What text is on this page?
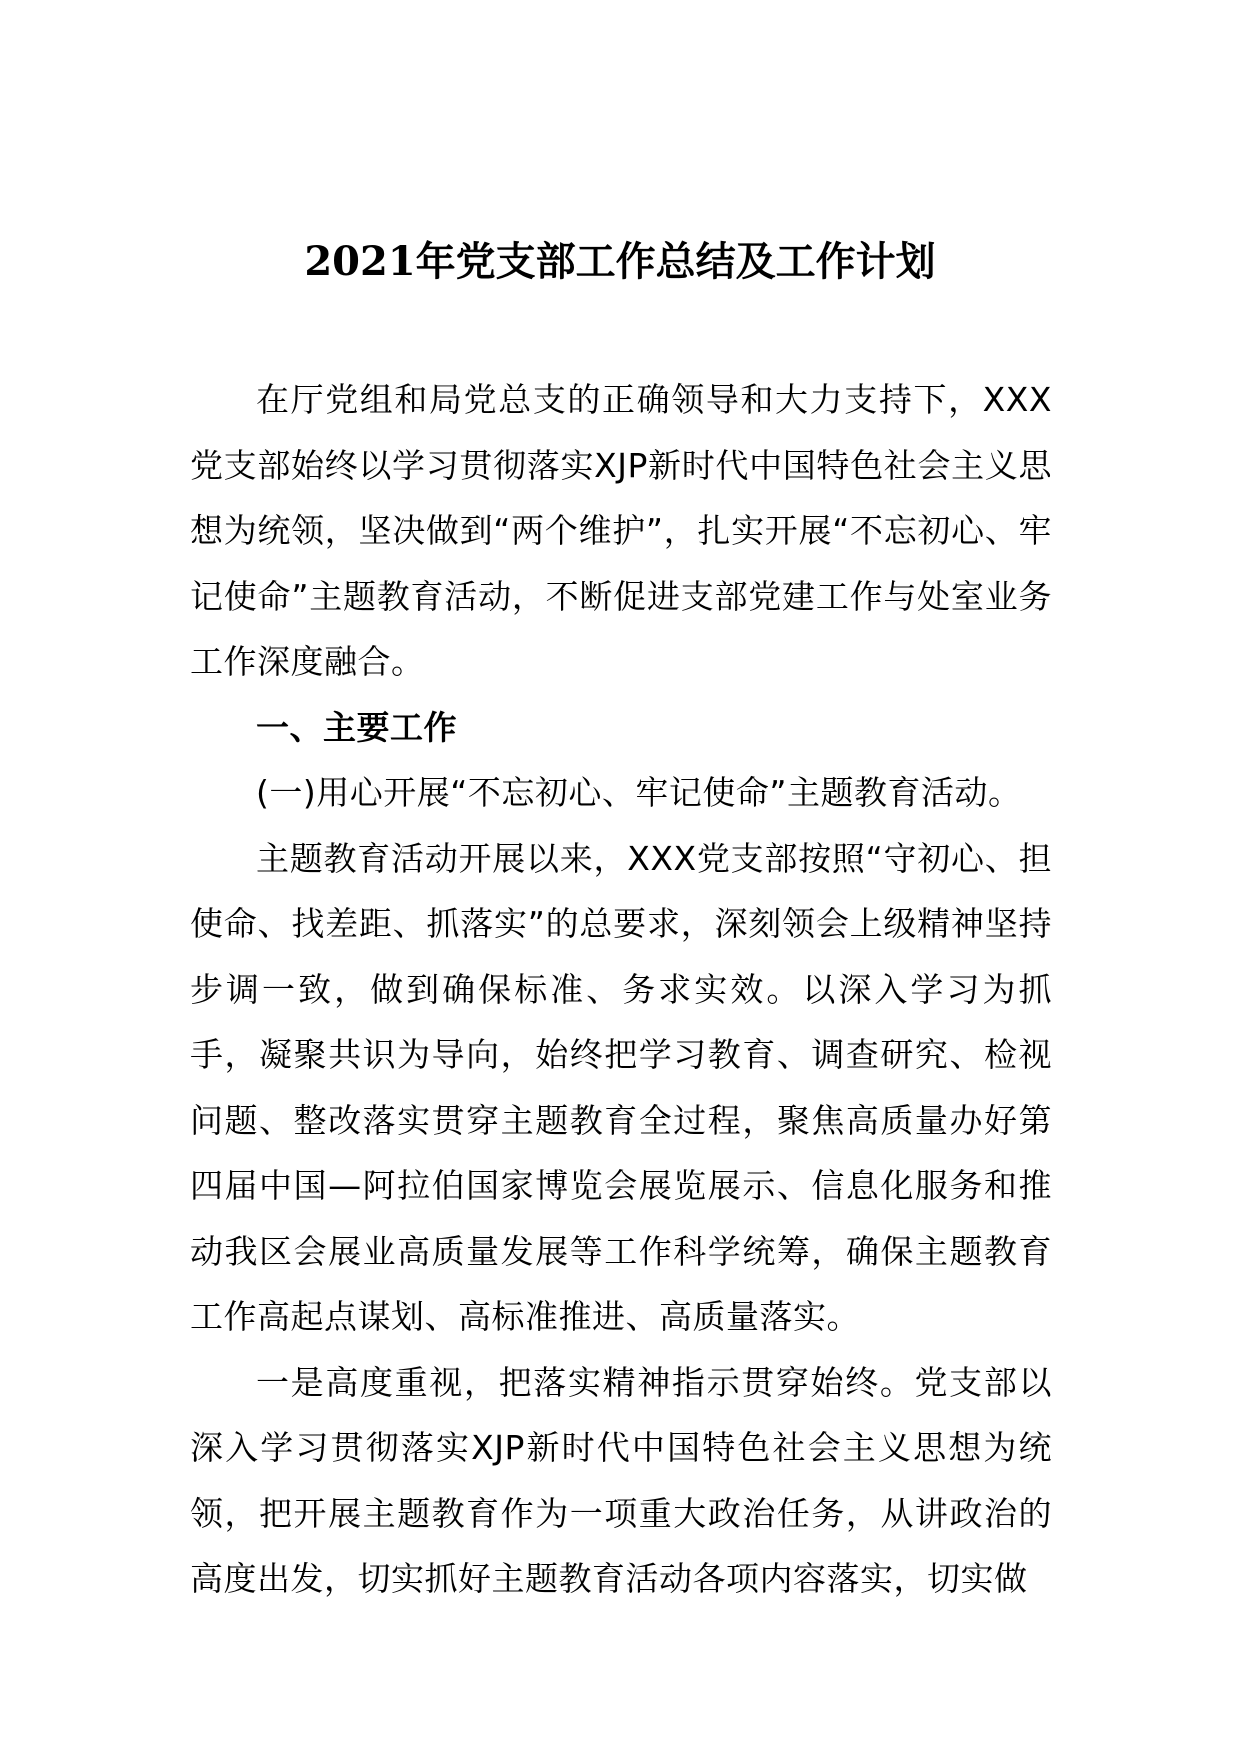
2021年党支部工作总结及工作计划

在厅党组和局党总支的正确领导和大力支持下，XXX党支部始终以学习贯彻落实XJP新时代中国特色社会主义思想为统领，坚决做到“两个维护”，扎实开展“不忘初心、牢记使命”主题教育活动，不断促进支部党建工作与处室业务工作深度融合。

一、主要工作

(一)用心开展“不忘初心、牢记使命”主题教育活动。

主题教育活动开展以来，XXX党支部按照“守初心、担使命、找差距、抓落实”的总要求，深刻领会上级精神坚持步调一致，做到确保标准、务求实效。以深入学习为抓手，凝聚共识为导向，始终把学习教育、调查研究、检视问题、整改落实贯穿主题教育全过程，聚焦高质量办好第四届中国—阿拉伯国家博览会展览展示、信息化服务和推动我区会展业高质量发展等工作科学统筹，确保主题教育工作高起点谋划、高标准推进、高质量落实。

一是高度重视，把落实精神指示贯穿始终。党支部以深入学习贯彻落实XJP新时代中国特色社会主义思想为统领，把开展主题教育作为一项重大政治任务，从讲政治的高度出发，切实抓好主题教育活动各项内容落实，切实做
